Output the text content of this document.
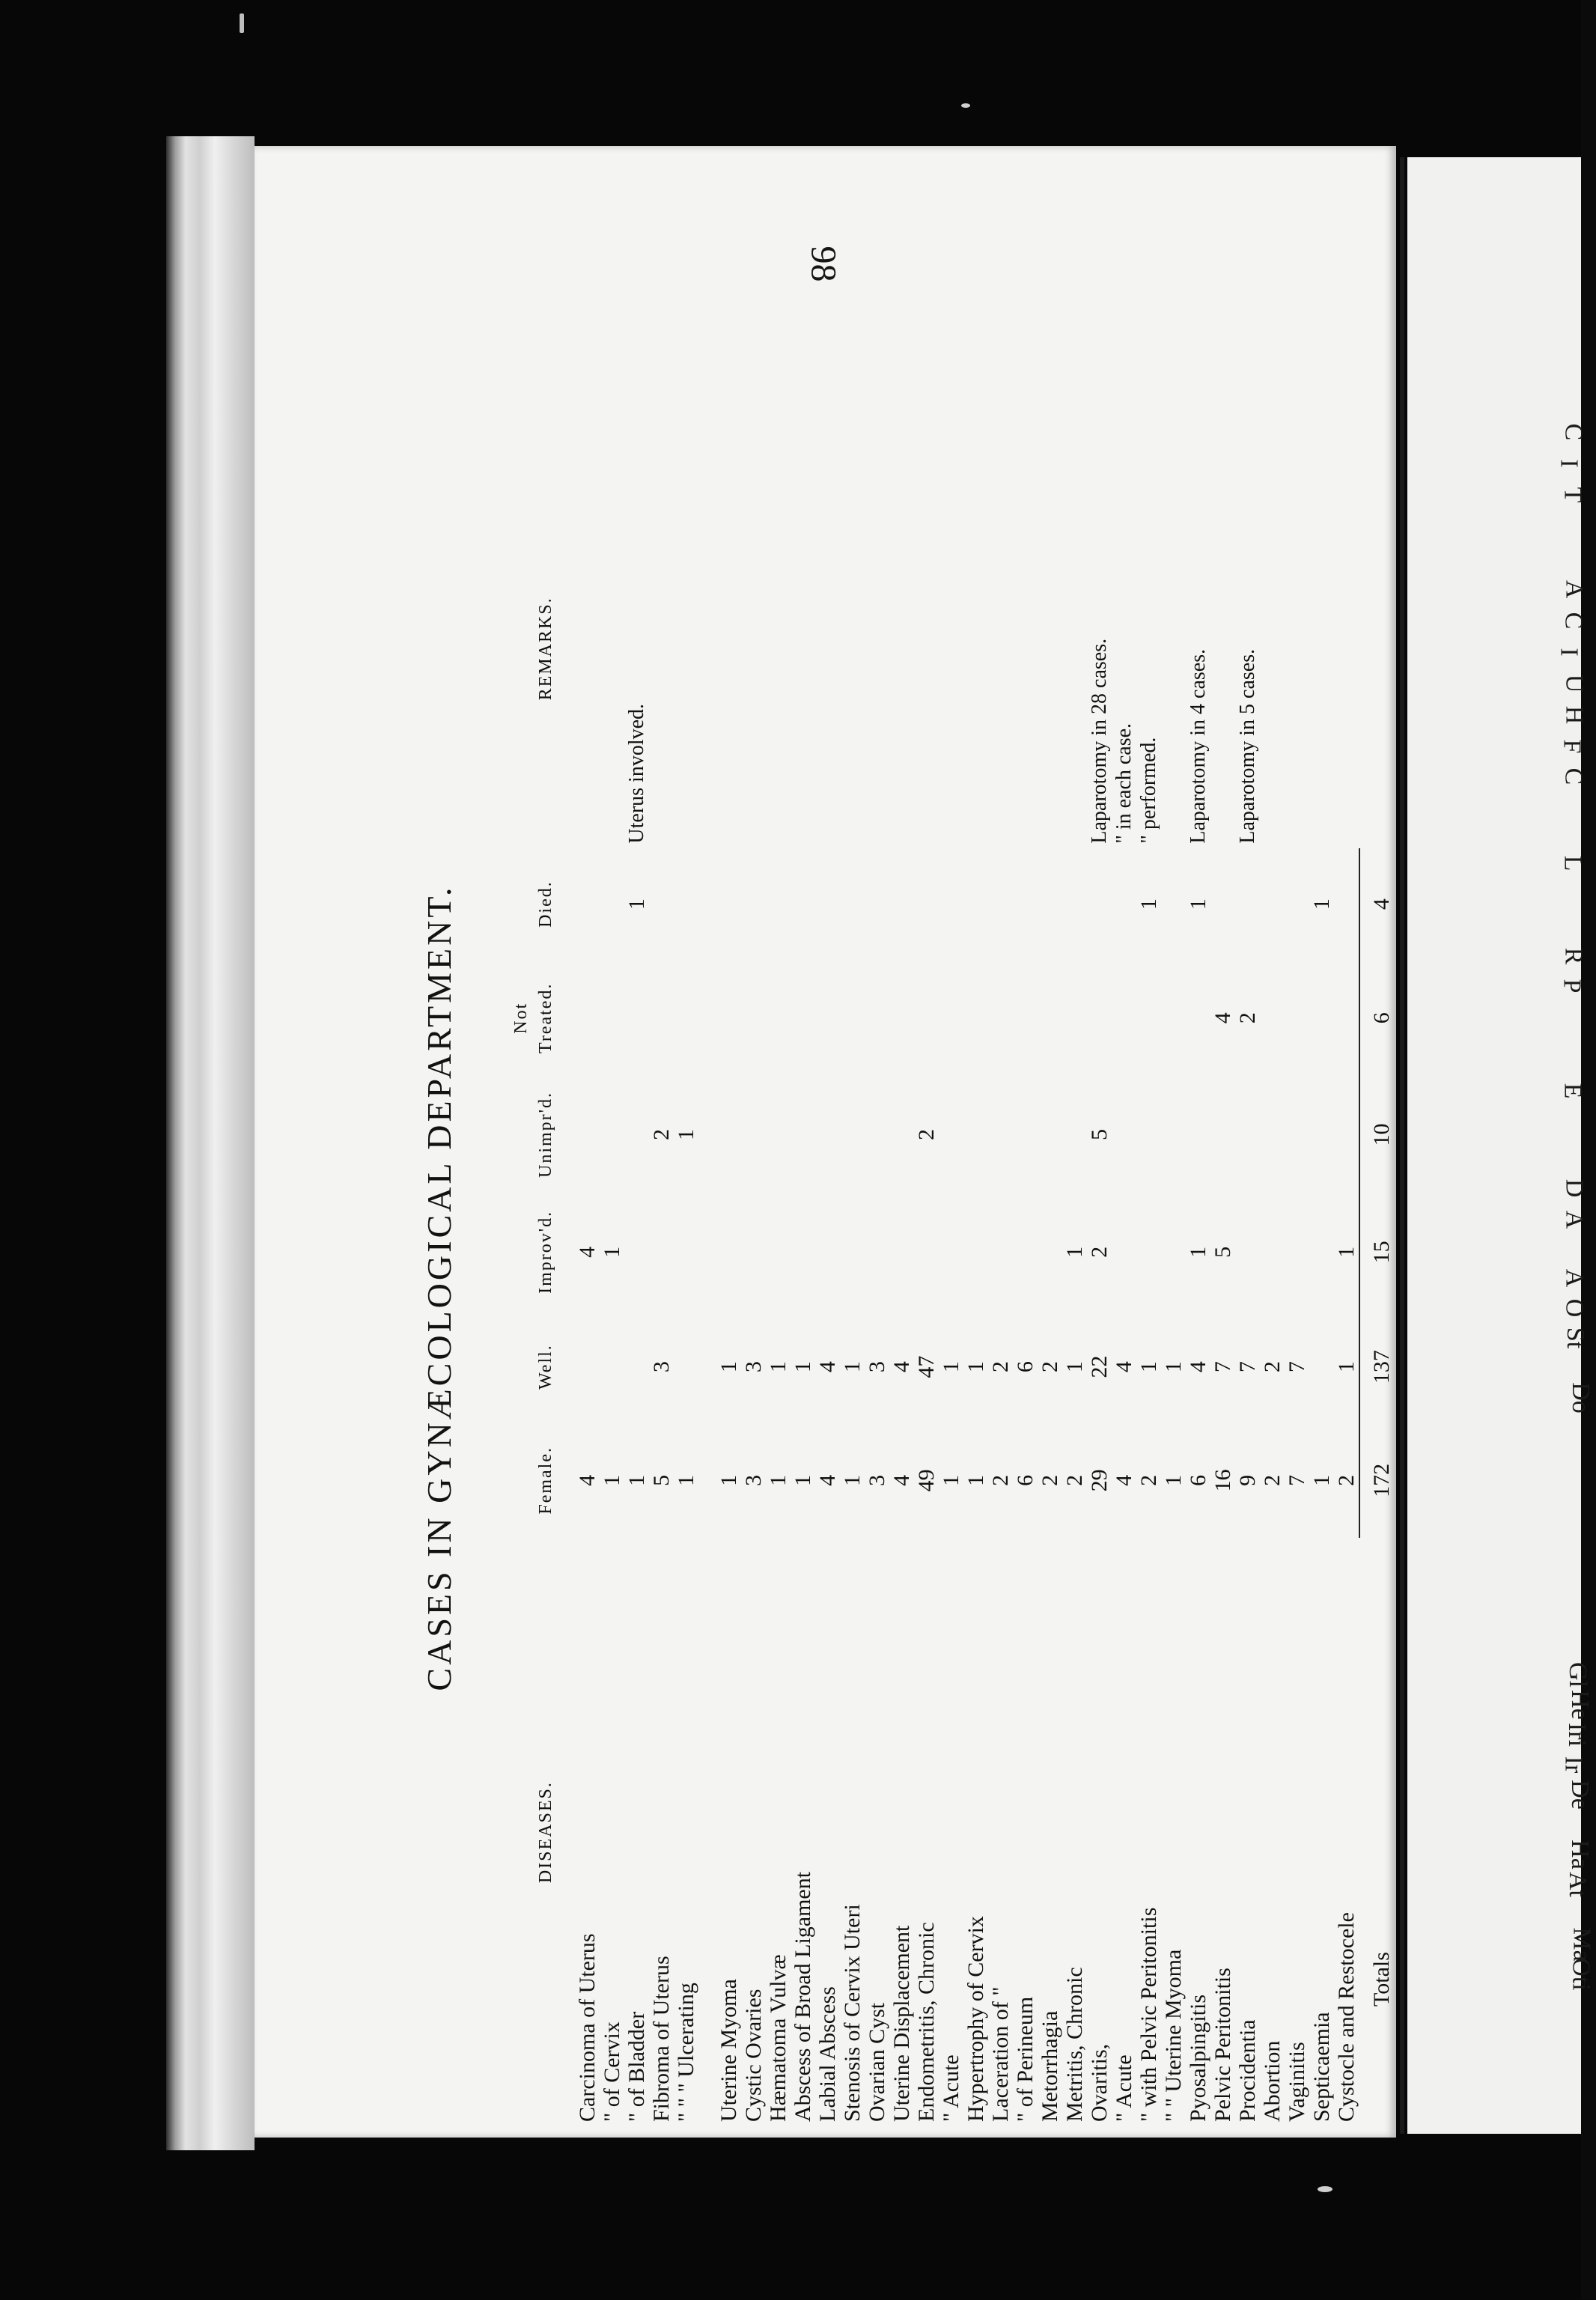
98
CASES IN GYNÆCOLOGICAL DEPARTMENT.
DISEASES.	Female.	Well.	Improv'd.	Unimpr'd.	Not Treated.	Died.	REMARKS.
Carcinoma of Uterus	4		4				
" of Cervix	1		1				
" of Bladder	1					1	Uterus involved.
Fibroma of Uterus	5	3		2			
" " " Ulcerating	1			1			

Uterine Myoma	1	1					
Cystic Ovaries	3	3					
Hæmatoma Vulvæ	1	1					
Abscess of Broad Ligament	1	1					
Labial Abscess	4	4					
Stenosis of Cervix Uteri	1	1					
Ovarian Cyst	3	3					
Uterine Displacement	4	4					
Endometritis, Chronic	49	47		2			
" Acute	1	1					
Hypertrophy of Cervix	1	1					
Laceration of "	2	2					
" of Perineum	6	6					
Metorrhagia	2	2					
Metritis, Chronic	2	1	1				
Ovaritis,	29	22	2	5			Laparotomy in 28 cases.
" Acute	4	4					" in each case.
" with Pelvic Peritonitis	2	1				1	" performed.
" " Uterine Myoma	1	1					
Pyosalpingitis	6	4	1			1	Laparotomy in 4 cases.
Pelvic Peritonitis	16	7	5		4		
Procidentia	9	7			2		Laparotomy in 5 cases.
Abortion	2	2					
Vaginitis	7	7					
Septicaemia	1					1	
Cystocle and Restocele	2	1	1				

Totals	172	137	15	10	6	4	
C
I
T
A
C
I
U
H
F
C
L
R
P
E
D
A
A
O
St
Do
Gl
He
Iri
Ir
De
Ha
At
Ma
Oti
